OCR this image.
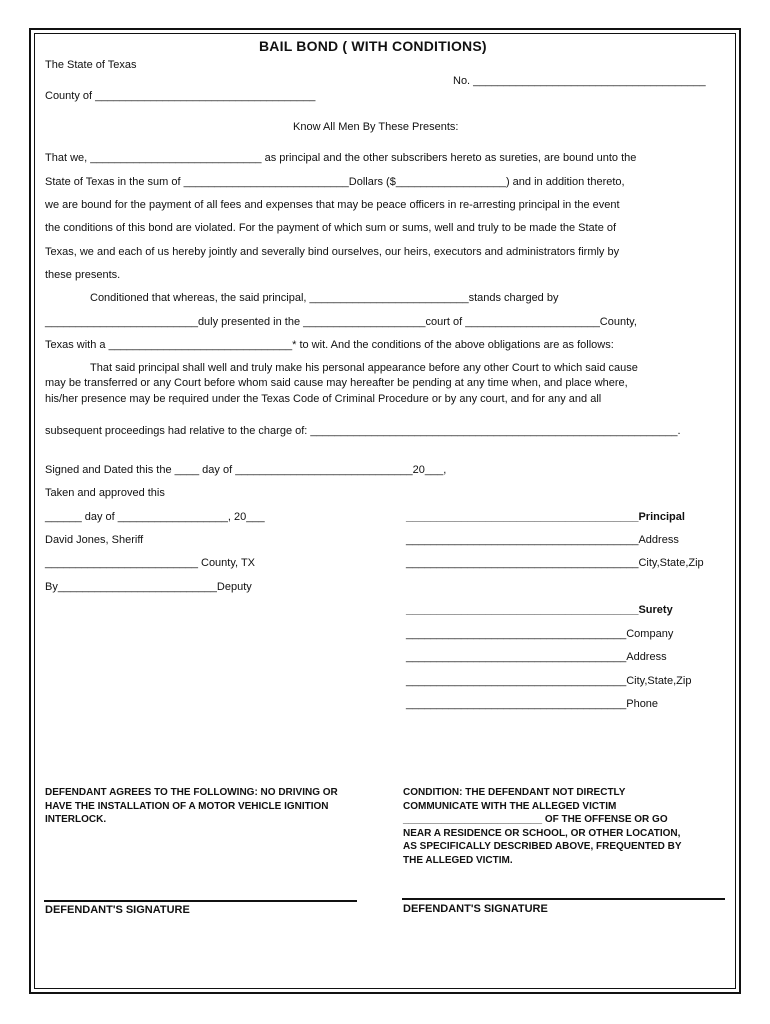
BAIL BOND ( WITH CONDITIONS)
The State of Texas
No. ______________________________________
County of ____________________________________
Know All Men By These Presents:
That we, ____________________________ as principal and the other subscribers hereto as sureties, are bound unto the
State of Texas in the sum of ___________________________Dollars ($__________________) and in addition thereto,
we are bound for the payment of all fees and expenses that may be peace officers in re-arresting principal in the event
the conditions of this bond are violated. For the payment of which sum or sums, well and truly to be made the State of
Texas, we and each of us hereby jointly and severally bind ourselves, our heirs, executors and administrators firmly by
these presents.
Conditioned that whereas, the said principal, __________________________stands charged by
_________________________duly presented in the ____________________court of ______________________County,
Texas with a ______________________________* to wit. And the conditions of the above obligations are as follows:
That said principal shall well and truly make his personal appearance before any other Court to which said cause
may be transferred or any Court before whom said cause may hereafter be pending at any time when, and place where,
his/her presence may be required under the Texas Code of Criminal Procedure or by any court, and for any and all
subsequent proceedings had relative to the charge of: ____________________________________________________________.
Signed and Dated this the ____ day of _____________________________20___,
Taken and approved this
______ day of __________________, 20___
David Jones, Sheriff
_________________________ County, TX
By__________________________Deputy
______________________________________Principal
______________________________________Address
______________________________________City,State,Zip
______________________________________Surety
____________________________________Company
____________________________________Address
____________________________________City,State,Zip
____________________________________Phone
DEFENDANT AGREES TO THE FOLLOWING: NO DRIVING OR HAVE THE INSTALLATION OF A MOTOR VEHICLE IGNITION INTERLOCK.
CONDITION: THE DEFENDANT NOT DIRECTLY
COMMUNICATE WITH THE ALLEGED VICTIM
_________________________ OF THE OFFENSE OR GO
NEAR A RESIDENCE OR SCHOOL, OR OTHER LOCATION,
AS SPECIFICALLY DESCRIBED ABOVE, FREQUENTED BY
THE ALLEGED VICTIM.
DEFENDANT'S SIGNATURE	DEFENDANT'S SIGNATURE
